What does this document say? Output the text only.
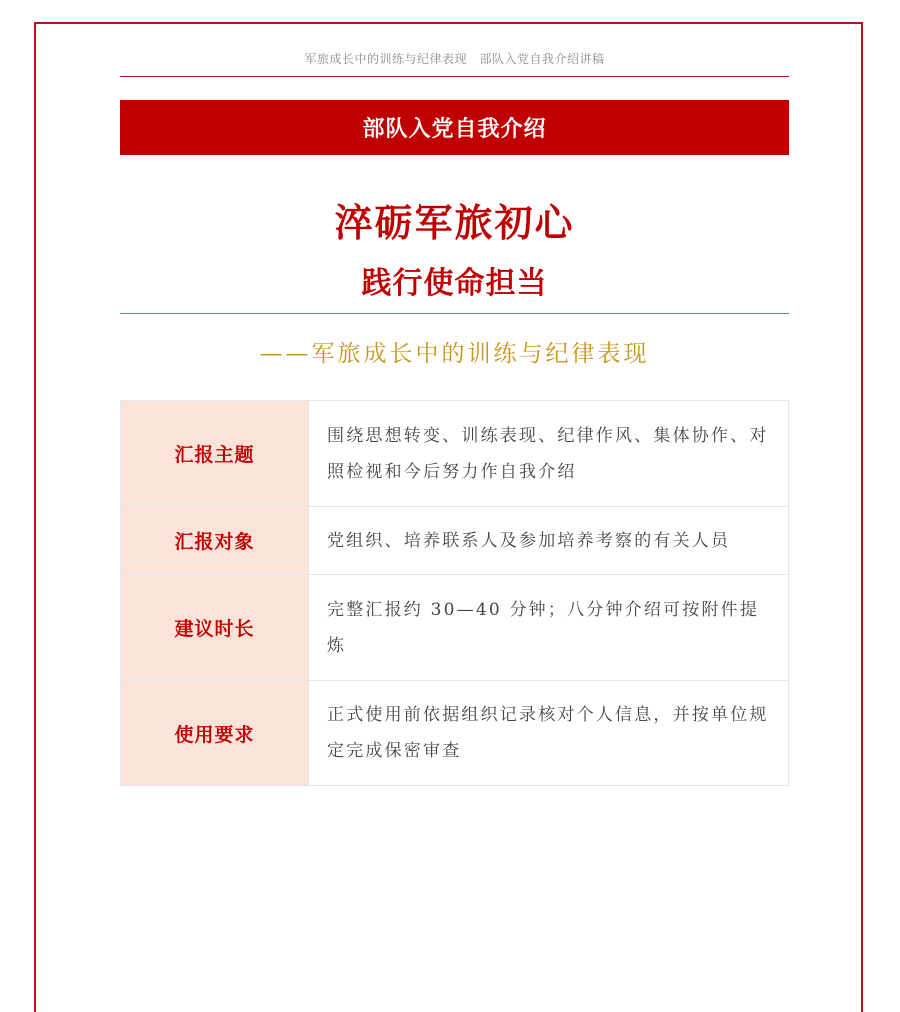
军旅成长中的训练与纪律表现　部队入党自我介绍讲稿
部队入党自我介绍
淬砺军旅初心
践行使命担当
——军旅成长中的训练与纪律表现
汇报主题	围绕思想转变、训练表现、纪律作风、集体协作、对照检视和今后努力作自我介绍
汇报对象	党组织、培养联系人及参加培养考察的有关人员
建议时长	完整汇报约 30—40 分钟；八分钟介绍可按附件提炼
使用要求	正式使用前依据组织记录核对个人信息，并按单位规定完成保密审查
